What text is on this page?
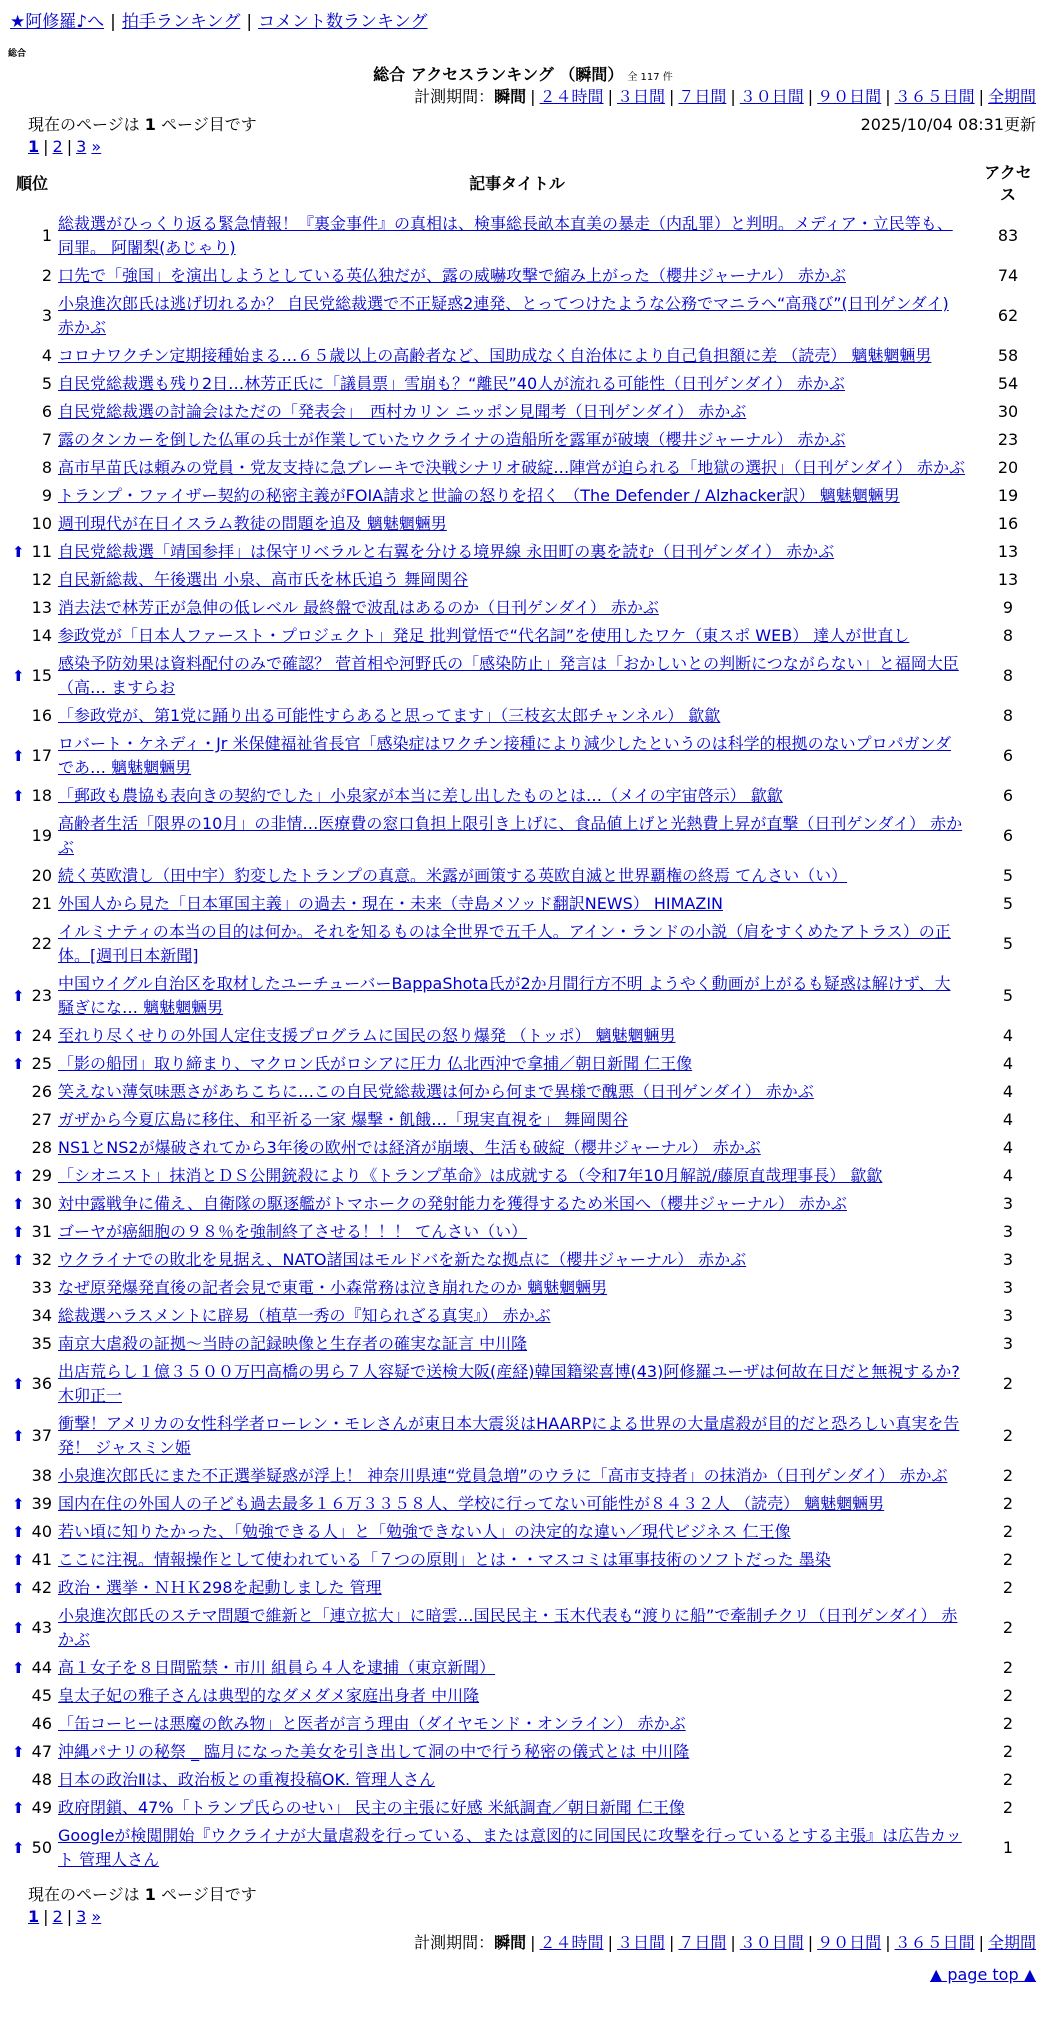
★阿修羅♪へ | 拍手ランキング | コメント数ランキング
総合
総合 アクセスランキング （瞬間） 全 117 件
計測期間：瞬間 | ２４時間 | ３日間 | ７日間 | ３０日間 | ９０日間 | ３６５日間 | 全期間
現在のページは 1 ページ目です	2025/10/04 08:31更新
1 | 2 | 3 »
順位	記事タイトル	アクセス
1	総裁選がひっくり返る緊急情報！『裏金事件』の真相は、検事総長畝本直美の暴走（内乱罪）と判明。メディア・立民等も、同罪。 阿闍梨(あじゃり)	83
2	口先で「強国」を演出しようとしている英仏独だが、露の威嚇攻撃で縮み上がった（櫻井ジャーナル） 赤かぶ	74
3	小泉進次郎氏は逃げ切れるか？ 自民党総裁選で不正疑惑2連発、とってつけたような公務でマニラへ“高飛び”(日刊ゲンダイ) 赤かぶ	62
4	コロナワクチン定期接種始まる…６５歳以上の高齢者など、国助成なく自治体により自己負担額に差 （読売） 魑魅魍魎男	58
5	自民党総裁選も残り2日…林芳正氏に「議員票」雪崩も？“離民”40人が流れる可能性（日刊ゲンダイ） 赤かぶ	54
6	自民党総裁選の討論会はただの「発表会」　西村カリン ニッポン見聞考（日刊ゲンダイ） 赤かぶ	30
7	露のタンカーを倒した仏軍の兵士が作業していたウクライナの造船所を露軍が破壊（櫻井ジャーナル） 赤かぶ	23
8	高市早苗氏は頼みの党員・党友支持に急ブレーキで決戦シナリオ破綻…陣営が迫られる「地獄の選択」（日刊ゲンダイ） 赤かぶ	20
9	トランプ・ファイザー契約の秘密主義がFOIA請求と世論の怒りを招く （The Defender / Alzhacker訳） 魑魅魍魎男	19
10	週刊現代が在日イスラム教徒の問題を追及 魑魅魍魎男	16

⬆ 11	自民党総裁選「靖国参拝」は保守リベラルと右翼を分ける境界線 永田町の裏を読む（日刊ゲンダイ） 赤かぶ	13
12	自民新総裁、午後選出 小泉、高市氏を林氏追う 舞岡関谷	13
13	消去法で林芳正が急伸の低レベル 最終盤で波乱はあるのか（日刊ゲンダイ） 赤かぶ	9
14	参政党が「日本人ファースト・プロジェクト」発足 批判覚悟で“代名詞”を使用したワケ（東スポ WEB） 達人が世直し	8

⬆ 15	感染予防効果は資料配付のみで確認？ 菅首相や河野氏の「感染防止」発言は「おかしいとの判断につながらない」と福岡大臣（高… ますらお	8
16	「参政党が、第1党に踊り出る可能性すらあると思ってます」（三枝玄太郎チャンネル） 歙歙	8

⬆ 17	ロバート・ケネディ・Jr 米保健福祉省長官「感染症はワクチン接種により減少したというのは科学的根拠のないプロパガンダであ… 魑魅魍魎男	6

⬆ 18	「郵政も農協も表向きの契約でした」小泉家が本当に差し出したものとは…（メイの宇宙啓示） 歙歙	6
19	高齢者生活「限界の10月」の非情…医療費の窓口負担上限引き上げに、食品値上げと光熱費上昇が直撃（日刊ゲンダイ） 赤かぶ	6
20	続く英欧潰し（田中宇）豹変したトランプの真意。米露が画策する英欧自滅と世界覇権の終焉 てんさい（い）	5
21	外国人から見た「日本軍国主義」の過去・現在・未来（寺島メソッド翻訳NEWS） HIMAZIN	5
22	イルミナティの本当の目的は何か。それを知るものは全世界で五千人。アイン・ランドの小説（肩をすくめたアトラス）の正体。[週刊日本新聞]	5

⬆ 23	中国ウイグル自治区を取材したユーチューバーBappaShota氏が2か月間行方不明 ようやく動画が上がるも疑惑は解けず、大騒ぎにな… 魑魅魍魎男	5

⬆ 24	至れり尽くせりの外国人定住支援プログラムに国民の怒り爆発 （トッポ） 魑魅魍魎男	4

⬆ 25	「影の船団」取り締まり、マクロン氏がロシアに圧力 仏北西沖で拿捕／朝日新聞 仁王像	4
26	笑えない薄気味悪さがあちこちに…この自民党総裁選は何から何まで異様で醜悪（日刊ゲンダイ） 赤かぶ	4
27	ガザから今夏広島に移住、和平祈る一家 爆撃・飢餓…「現実直視を」 舞岡関谷	4
28	NS1とNS2が爆破されてから3年後の欧州では経済が崩壊、生活も破綻（櫻井ジャーナル） 赤かぶ	4

⬆ 29	「シオニスト」抹消とＤＳ公開銃殺により《トランプ革命》は成就する（令和7年10月解説/藤原直哉理事長） 歙歙	4

⬆ 30	対中露戦争に備え、自衛隊の駆逐艦がトマホークの発射能力を獲得するため米国へ（櫻井ジャーナル） 赤かぶ	3

⬆ 31	ゴーヤが癌細胞の９８％を強制終了させる！！！ てんさい（い）	3

⬆ 32	ウクライナでの敗北を見据え、NATO諸国はモルドバを新たな拠点に（櫻井ジャーナル） 赤かぶ	3
33	なぜ原発爆発直後の記者会見で東電・小森常務は泣き崩れたのか 魑魅魍魎男	3
34	総裁選ハラスメントに辟易（植草一秀の『知られざる真実』） 赤かぶ	3
35	南京大虐殺の証拠〜当時の記録映像と生存者の確実な証言 中川隆	3

⬆ 36	出店荒らし１億３５００万円高橋の男ら７人容疑で送検大阪(産経)韓国籍梁喜博(43)阿修羅ユーザは何故在日だと無視するか? 木卯正一	2

⬆ 37	衝撃！アメリカの女性科学者ローレン・モレさんが東日本大震災はHAARPによる世界の大量虐殺が目的だと恐ろしい真実を告発！ ジャスミン姫	2
38	小泉進次郎氏にまた不正選挙疑惑が浮上！ 神奈川県連“党員急増”のウラに「高市支持者」の抹消か（日刊ゲンダイ） 赤かぶ	2

⬆ 39	国内在住の外国人の子ども過去最多１６万３３５８人、学校に行ってない可能性が８４３２人 （読売） 魑魅魍魎男	2

⬆ 40	若い頃に知りたかった、「勉強できる人」と「勉強できない人」の決定的な違い／現代ビジネス 仁王像	2

⬆ 41	ここに注視。情報操作として使われている「７つの原則」とは・・マスコミは軍事技術のソフトだった 墨染	2

⬆ 42	政治・選挙・ＮＨＫ298を起動しました 管理	2

⬆ 43	小泉進次郎氏のステマ問題で維新と「連立拡大」に暗雲…国民民主・玉木代表も“渡りに船”で牽制チクリ（日刊ゲンダイ） 赤かぶ	2

⬆ 44	高１女子を８日間監禁・市川 組員ら４人を逮捕（東京新聞）	2
45	皇太子妃の雅子さんは典型的なダメダメ家庭出身者 中川隆	2
46	「缶コーヒーは悪魔の飲み物」と医者が言う理由（ダイヤモンド・オンライン） 赤かぶ	2

⬆ 47	沖縄パナリの秘祭 _ 臨月になった美女を引き出して洞の中で行う秘密の儀式とは 中川隆	2
48	日本の政治Ⅱは、政治板との重複投稿OK. 管理人さん	2

⬆ 49	政府閉鎖、47%「トランプ氏らのせい」 民主の主張に好感 米紙調査／朝日新聞 仁王像	2

⬆ 50	Googleが検閲開始『ウクライナが大量虐殺を行っている、または意図的に同国民に攻撃を行っているとする主張』は広告カット 管理人さん	1
現在のページは 1 ページ目です
1 | 2 | 3 »
計測期間：瞬間 | ２４時間 | ３日間 | ７日間 | ３０日間 | ９０日間 | ３６５日間 | 全期間
▲ page top ▲
